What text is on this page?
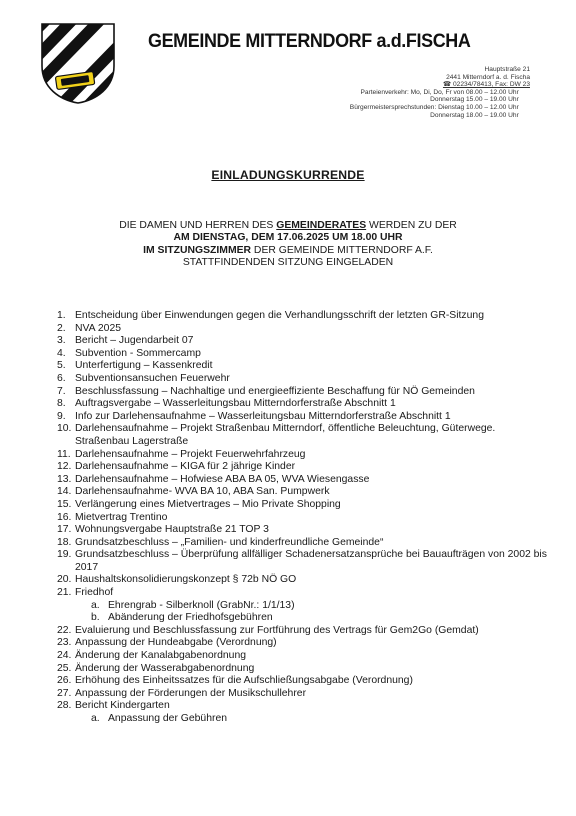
GEMEINDE MITTERNDORF a.d.FISCHA
Hauptstraße 21
2441 Mitterndorf a. d. Fischa
☎ 02234/78413, Fax: DW 23
Parteienverkehr: Mo, Di, Do, Fr von 08.00 – 12.00 Uhr
Donnerstag 15.00 – 19.00 Uhr
Bürgermeistersprechstunden: Dienstag 10.00 – 12.00 Uhr
Donnerstag 18.00 – 19.00 Uhr
EINLADUNGSKURRENDE
DIE DAMEN UND HERREN DES GEMEINDERATES WERDEN ZU DER
AM DIENSTAG, DEM 17.06.2025 UM 18.00 UHR
IM SITZUNGSZIMMER DER GEMEINDE MITTERNDORF A.F.
STATTFINDENDEN SITZUNG EINGELADEN
1. Entscheidung über Einwendungen gegen die Verhandlungsschrift der letzten GR-Sitzung
2. NVA 2025
3. Bericht – Jugendarbeit 07
4. Subvention - Sommercamp
5. Unterfertigung – Kassenkredit
6. Subventionsansuchen Feuerwehr
7. Beschlussfassung – Nachhaltige und energieeffiziente Beschaffung für NÖ Gemeinden
8. Auftragsvergabe – Wasserleitungsbau Mitterndorferstraße Abschnitt 1
9. Info zur Darlehensaufnahme – Wasserleitungsbau Mitterndorferstraße Abschnitt 1
10. Darlehensaufnahme – Projekt Straßenbau Mitterndorf, öffentliche Beleuchtung, Güterwege. Straßenbau Lagerstraße
11. Darlehensaufnahme – Projekt Feuerwehrfahrzeug
12. Darlehensaufnahme – KIGA für 2 jährige Kinder
13. Darlehensaufnahme – Hofwiese ABA BA 05, WVA Wiesengasse
14. Darlehensaufnahme- WVA BA 10, ABA San. Pumpwerk
15. Verlängerung eines Mietvertrages – Mio Private Shopping
16. Mietvertrag Trentino
17. Wohnungsvergabe Hauptstraße 21 TOP 3
18. Grundsatzbeschluss – „Familien- und kinderfreundliche Gemeinde“
19. Grundsatzbeschluss – Überprüfung allfälliger Schadenersatzansprüche bei Bauaufträgen von 2002 bis 2017
20. Haushaltskonsolidierungskonzept § 72b NÖ GO
21. Friedhof
a. Ehrengrab - Silberknoll (GrabNr.: 1/1/13)
b. Abänderung der Friedhofsgebühren
22. Evaluierung und Beschlussfassung zur Fortführung des Vertrags für Gem2Go (Gemdat)
23. Anpassung der Hundeabgabe (Verordnung)
24. Änderung der Kanalabgabenordnung
25. Änderung der Wasserabgabenordnung
26. Erhöhung des Einheitssatzes für die Aufschließungsabgabe (Verordnung)
27. Anpassung der Förderungen der Musikschullehrer
28. Bericht Kindergarten
a. Anpassung der Gebühren
